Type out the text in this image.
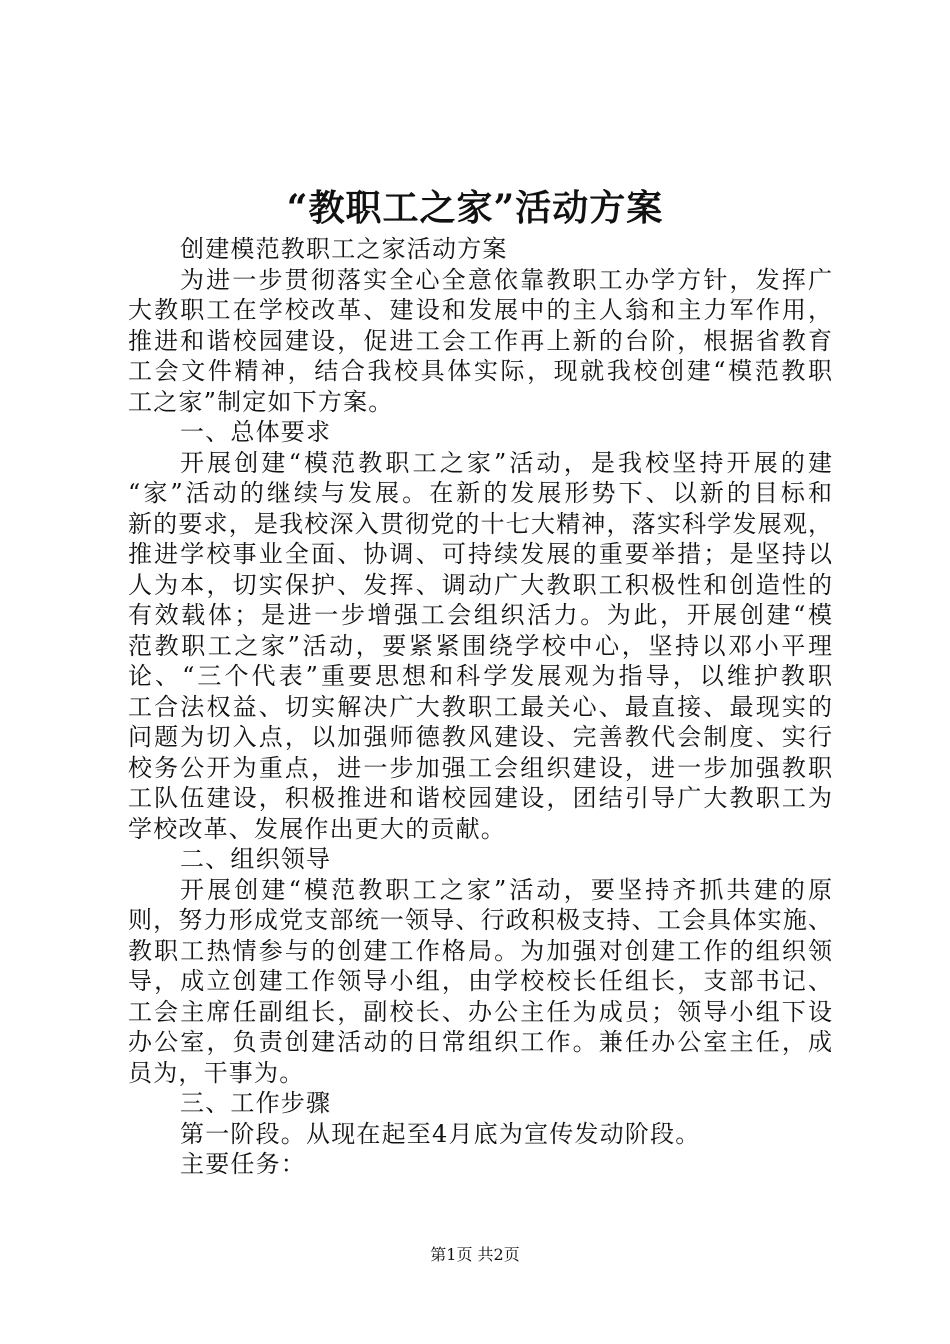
“教职工之家”活动方案
创建模范教职工之家活动方案
为进一步贯彻落实全心全意依靠教职工办学方针，发挥广
大教职工在学校改革、建设和发展中的主人翁和主力军作用，
推进和谐校园建设，促进工会工作再上新的台阶，根据省教育
工会文件精神，结合我校具体实际，现就我校创建“模范教职
工之家”制定如下方案。
一、总体要求
开展创建“模范教职工之家”活动，是我校坚持开展的建
“家”活动的继续与发展。在新的发展形势下、以新的目标和
新的要求，是我校深入贯彻党的十七大精神，落实科学发展观，
推进学校事业全面、协调、可持续发展的重要举措；是坚持以
人为本，切实保护、发挥、调动广大教职工积极性和创造性的
有效载体；是进一步增强工会组织活力。为此，开展创建“模
范教职工之家”活动，要紧紧围绕学校中心，坚持以邓小平理
论、“三个代表”重要思想和科学发展观为指导，以维护教职
工合法权益、切实解决广大教职工最关心、最直接、最现实的
问题为切入点，以加强师德教风建设、完善教代会制度、实行
校务公开为重点，进一步加强工会组织建设，进一步加强教职
工队伍建设，积极推进和谐校园建设，团结引导广大教职工为
学校改革、发展作出更大的贡献。
二、组织领导
开展创建“模范教职工之家”活动，要坚持齐抓共建的原
则，努力形成党支部统一领导、行政积极支持、工会具体实施、
教职工热情参与的创建工作格局。为加强对创建工作的组织领
导，成立创建工作领导小组，由学校校长任组长，支部书记、
工会主席任副组长，副校长、办公主任为成员；领导小组下设
办公室，负责创建活动的日常组织工作。兼任办公室主任，成
员为，干事为。
三、工作步骤
第一阶段。从现在起至4月底为宣传发动阶段。
主要任务：
第1页 共2页
